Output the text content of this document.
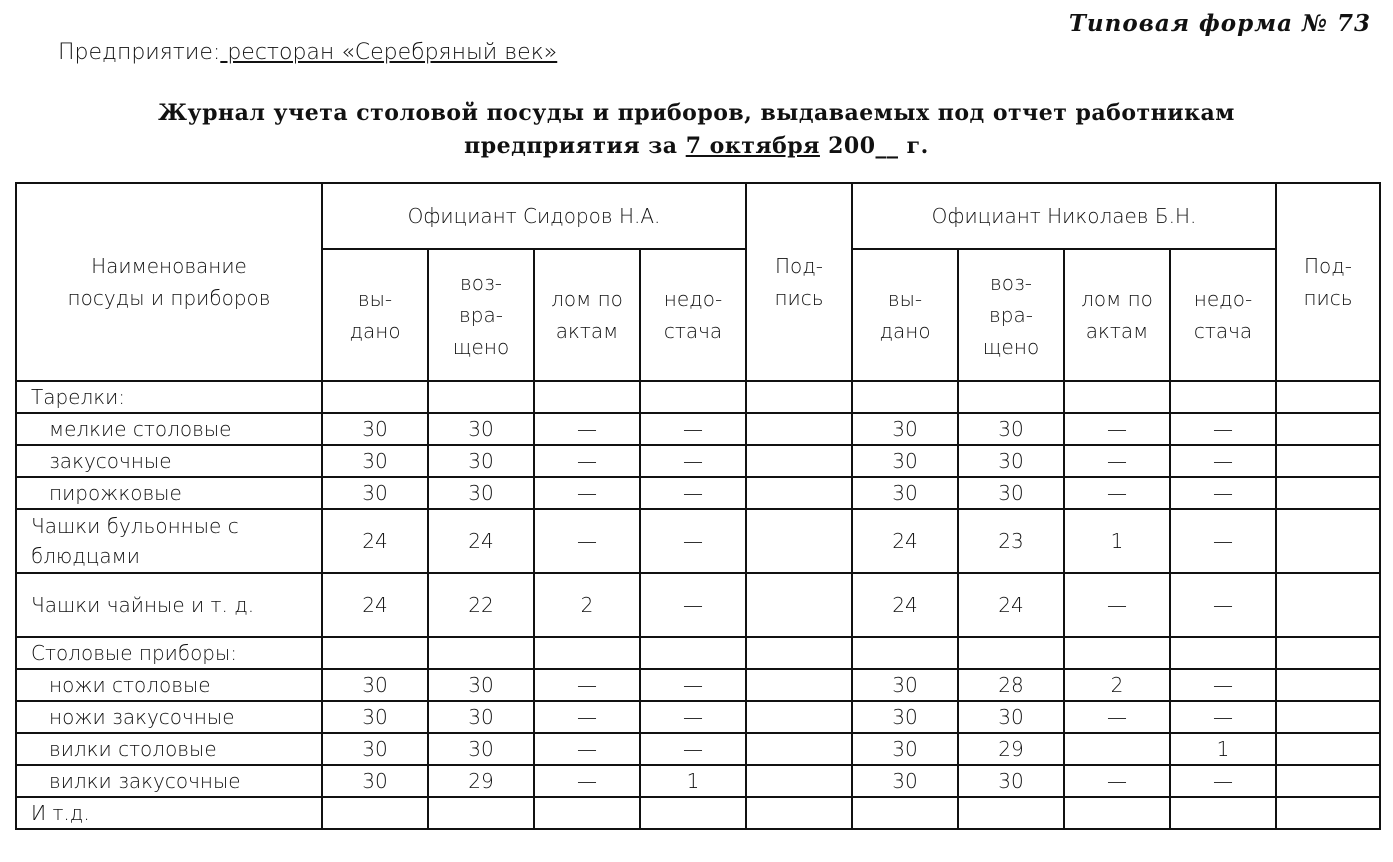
Типовая форма № 73
Предприятие: ресторан «Серебряный век»
Журнал учета столовой посуды и приборов, выдаваемых под отчет работникам
предприятия за 7 октября 200__ г.
Наименование посуды и приборов	Официант Сидоров Н.А.				Под-пись	Официант Николаев Б.Н.				Под-пись
	вы-дано	воз-вра-щено	лом по актам	недо-стача		вы-дано	воз-вра-щено	лом по актам	недо-стача	
Тарелки:										
мелкие столовые	30	30	—	—		30	30	—	—	
закусочные	30	30	—	—		30	30	—	—	
пирожковые	30	30	—	—		30	30	—	—	
Чашки бульонные с блюдцами	24	24	—	—		24	23	1	—	
Чашки чайные и т. д.	24	22	2	—		24	24	—	—	
Столовые приборы:										
ножи столовые	30	30	—	—		30	28	2	—	
ножи закусочные	30	30	—	—		30	30	—	—	
вилки столовые	30	30	—	—		30	29		1	
вилки закусочные	30	29	—	1		30	30	—	—	
И т.д.										
